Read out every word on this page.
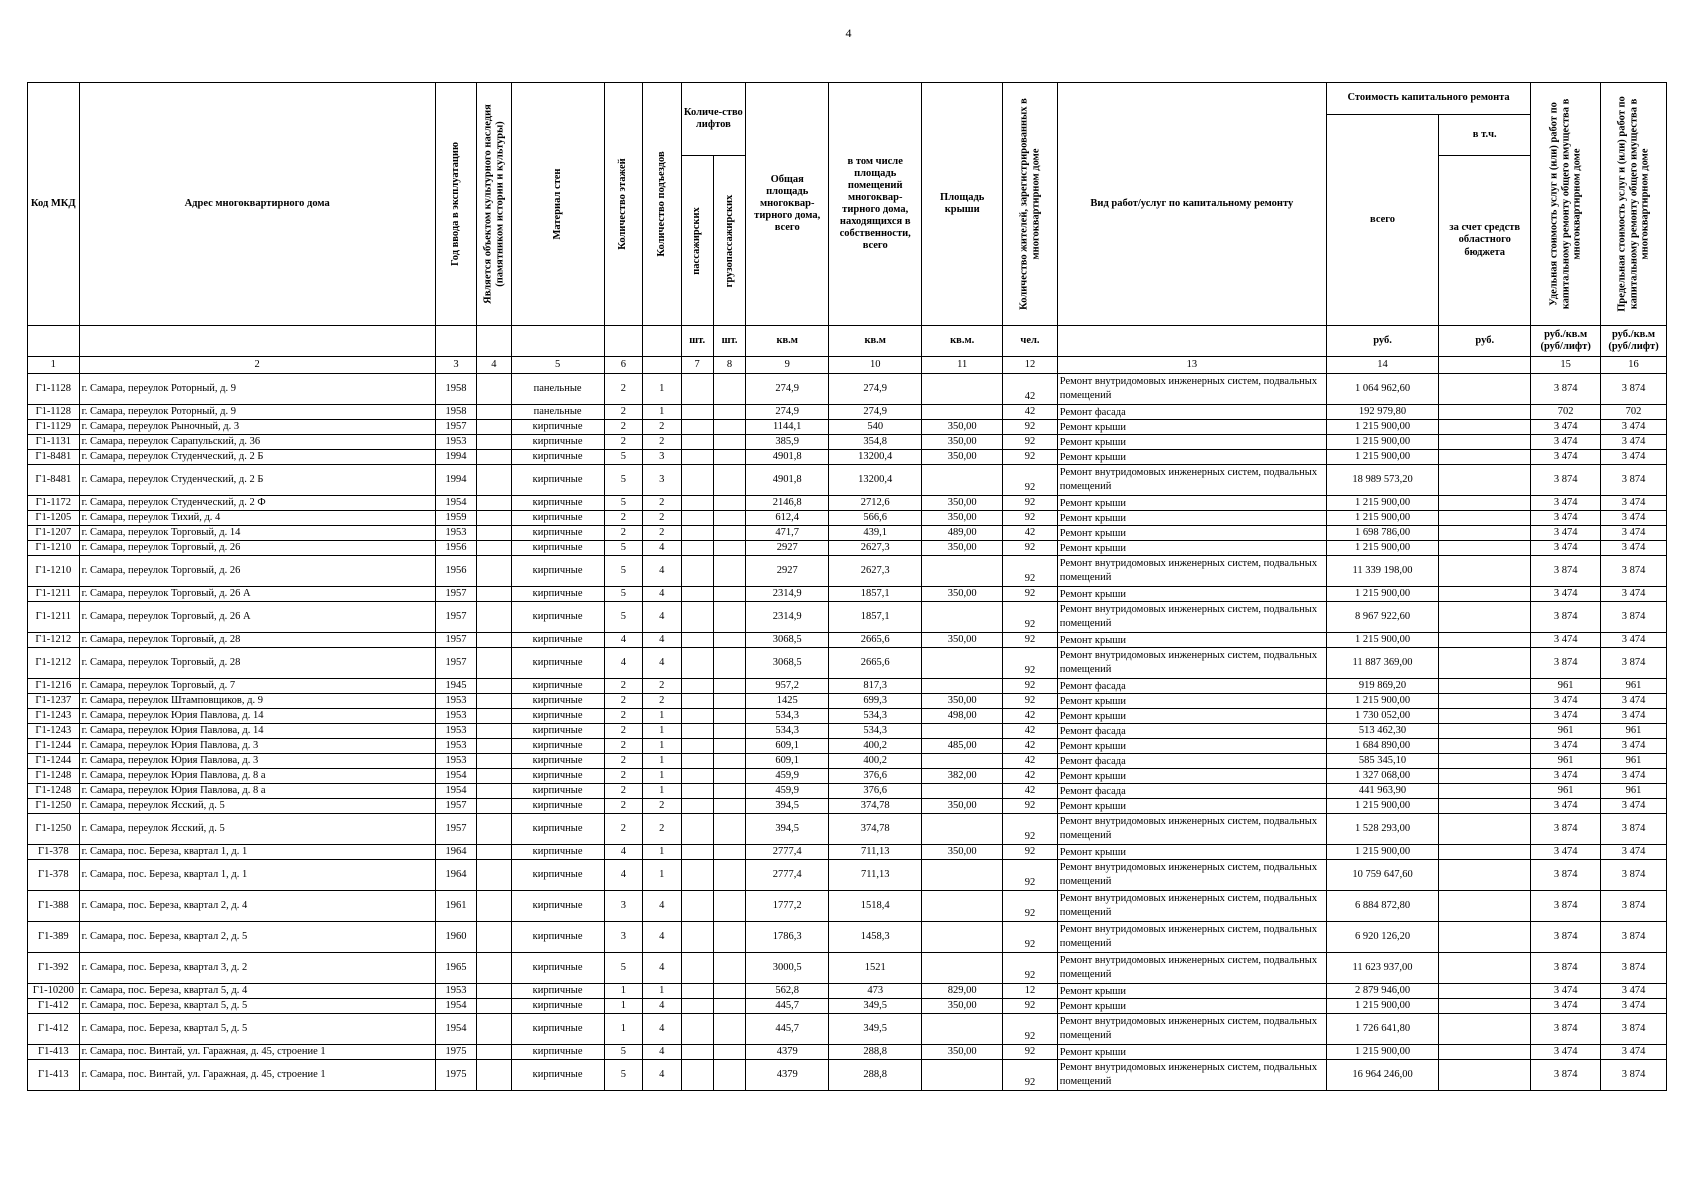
4
Код МКД	Адрес многоквартирного дома	Год ввода в эксплуатацию	Является объектом культурного наследия (памятником истории и культуры)	Материал стен	Количество этажей	Количество подъездов	Количе-ство лифтов		Общая площадь многоквар-тирного дома, всего	в том числе площадь помещений многоквар-тирного дома, находящихся в собственности, всего	Площадь крыши	Количество жителей, зарегистрированных в многоквартирном доме	Вид работ/услуг по капитальному ремонту	Стоимость капитального ремонта		Удельная стоимость услуг и (или) работ по капитальному ремонту общего имущества в многоквартирном доме	Предельная стоимость услуг и (или) работ по капитальному ремонту общего имущества в многоквартирном доме

														всего	в т.ч.		

							пассажирских	грузопассажирских							за счет средств областного бюджета		
							шт.	шт.	кв.м	кв.м	кв.м.	чел.		руб.	руб.	руб./кв.м (руб/лифт)	руб./кв.м (руб/лифт)
1	2	3	4	5	6		7	8	9	10	11	12	13	14		15	16
Г1-1128	г. Самара, переулок Роторный, д. 9	1958		панельные	2	1			274,9	274,9		42	Ремонт внутридомовых инженерных систем, подвальных помещений	1 064 962,60		3 874	3 874
Г1-1128	г. Самара, переулок Роторный, д. 9	1958		панельные	2	1			274,9	274,9		42	Ремонт фасада	192 979,80		702	702
Г1-1129	г. Самара, переулок Рыночный, д. 3	1957		кирпичные	2	2			1144,1	540	350,00	92	Ремонт крыши	1 215 900,00		3 474	3 474
Г1-1131	г. Самара, переулок Сарапульский, д. 36	1953		кирпичные	2	2			385,9	354,8	350,00	92	Ремонт крыши	1 215 900,00		3 474	3 474
Г1-8481	г. Самара, переулок Студенческий, д. 2 Б	1994		кирпичные	5	3			4901,8	13200,4	350,00	92	Ремонт крыши	1 215 900,00		3 474	3 474
Г1-8481	г. Самара, переулок Студенческий, д. 2 Б	1994		кирпичные	5	3			4901,8	13200,4		92	Ремонт внутридомовых инженерных систем, подвальных помещений	18 989 573,20		3 874	3 874
Г1-1172	г. Самара, переулок Студенческий, д. 2 Ф	1954		кирпичные	5	2			2146,8	2712,6	350,00	92	Ремонт крыши	1 215 900,00		3 474	3 474
Г1-1205	г. Самара, переулок Тихий, д. 4	1959		кирпичные	2	2			612,4	566,6	350,00	92	Ремонт крыши	1 215 900,00		3 474	3 474
Г1-1207	г. Самара, переулок Торговый, д. 14	1953		кирпичные	2	2			471,7	439,1	489,00	42	Ремонт крыши	1 698 786,00		3 474	3 474
Г1-1210	г. Самара, переулок Торговый, д. 26	1956		кирпичные	5	4			2927	2627,3	350,00	92	Ремонт крыши	1 215 900,00		3 474	3 474
Г1-1210	г. Самара, переулок Торговый, д. 26	1956		кирпичные	5	4			2927	2627,3		92	Ремонт внутридомовых инженерных систем, подвальных помещений	11 339 198,00		3 874	3 874
Г1-1211	г. Самара, переулок Торговый, д. 26 А	1957		кирпичные	5	4			2314,9	1857,1	350,00	92	Ремонт крыши	1 215 900,00		3 474	3 474
Г1-1211	г. Самара, переулок Торговый, д. 26 А	1957		кирпичные	5	4			2314,9	1857,1		92	Ремонт внутридомовых инженерных систем, подвальных помещений	8 967 922,60		3 874	3 874
Г1-1212	г. Самара, переулок Торговый, д. 28	1957		кирпичные	4	4			3068,5	2665,6	350,00	92	Ремонт крыши	1 215 900,00		3 474	3 474
Г1-1212	г. Самара, переулок Торговый, д. 28	1957		кирпичные	4	4			3068,5	2665,6		92	Ремонт внутридомовых инженерных систем, подвальных помещений	11 887 369,00		3 874	3 874
Г1-1216	г. Самара, переулок Торговый, д. 7	1945		кирпичные	2	2			957,2	817,3		92	Ремонт фасада	919 869,20		961	961
Г1-1237	г. Самара, переулок Штамповщиков, д. 9	1953		кирпичные	2	2			1425	699,3	350,00	92	Ремонт крыши	1 215 900,00		3 474	3 474
Г1-1243	г. Самара, переулок Юрия Павлова, д. 14	1953		кирпичные	2	1			534,3	534,3	498,00	42	Ремонт крыши	1 730 052,00		3 474	3 474
Г1-1243	г. Самара, переулок Юрия Павлова, д. 14	1953		кирпичные	2	1			534,3	534,3		42	Ремонт фасада	513 462,30		961	961
Г1-1244	г. Самара, переулок Юрия Павлова, д. 3	1953		кирпичные	2	1			609,1	400,2	485,00	42	Ремонт крыши	1 684 890,00		3 474	3 474
Г1-1244	г. Самара, переулок Юрия Павлова, д. 3	1953		кирпичные	2	1			609,1	400,2		42	Ремонт фасада	585 345,10		961	961
Г1-1248	г. Самара, переулок Юрия Павлова, д. 8 а	1954		кирпичные	2	1			459,9	376,6	382,00	42	Ремонт крыши	1 327 068,00		3 474	3 474
Г1-1248	г. Самара, переулок Юрия Павлова, д. 8 а	1954		кирпичные	2	1			459,9	376,6		42	Ремонт фасада	441 963,90		961	961
Г1-1250	г. Самара, переулок Ясский, д. 5	1957		кирпичные	2	2			394,5	374,78	350,00	92	Ремонт крыши	1 215 900,00		3 474	3 474
Г1-1250	г. Самара, переулок Ясский, д. 5	1957		кирпичные	2	2			394,5	374,78		92	Ремонт внутридомовых инженерных систем, подвальных помещений	1 528 293,00		3 874	3 874
Г1-378	г. Самара, пос. Береза, квартал 1, д. 1	1964		кирпичные	4	1			2777,4	711,13	350,00	92	Ремонт крыши	1 215 900,00		3 474	3 474
Г1-378	г. Самара, пос. Береза, квартал 1, д. 1	1964		кирпичные	4	1			2777,4	711,13		92	Ремонт внутридомовых инженерных систем, подвальных помещений	10 759 647,60		3 874	3 874
Г1-388	г. Самара, пос. Береза, квартал 2, д. 4	1961		кирпичные	3	4			1777,2	1518,4		92	Ремонт внутридомовых инженерных систем, подвальных помещений	6 884 872,80		3 874	3 874
Г1-389	г. Самара, пос. Береза, квартал 2, д. 5	1960		кирпичные	3	4			1786,3	1458,3		92	Ремонт внутридомовых инженерных систем, подвальных помещений	6 920 126,20		3 874	3 874
Г1-392	г. Самара, пос. Береза, квартал 3, д. 2	1965		кирпичные	5	4			3000,5	1521		92	Ремонт внутридомовых инженерных систем, подвальных помещений	11 623 937,00		3 874	3 874
Г1-10200	г. Самара, пос. Береза, квартал 5, д. 4	1953		кирпичные	1	1			562,8	473	829,00	12	Ремонт крыши	2 879 946,00		3 474	3 474
Г1-412	г. Самара, пос. Береза, квартал 5, д. 5	1954		кирпичные	1	4			445,7	349,5	350,00	92	Ремонт крыши	1 215 900,00		3 474	3 474
Г1-412	г. Самара, пос. Береза, квартал 5, д. 5	1954		кирпичные	1	4			445,7	349,5		92	Ремонт внутридомовых инженерных систем, подвальных помещений	1 726 641,80		3 874	3 874
Г1-413	г. Самара, пос. Винтай, ул. Гаражная, д. 45, строение 1	1975		кирпичные	5	4			4379	288,8	350,00	92	Ремонт крыши	1 215 900,00		3 474	3 474
Г1-413	г. Самара, пос. Винтай, ул. Гаражная, д. 45, строение 1	1975		кирпичные	5	4			4379	288,8		92	Ремонт внутридомовых инженерных систем, подвальных помещений	16 964 246,00		3 874	3 874
